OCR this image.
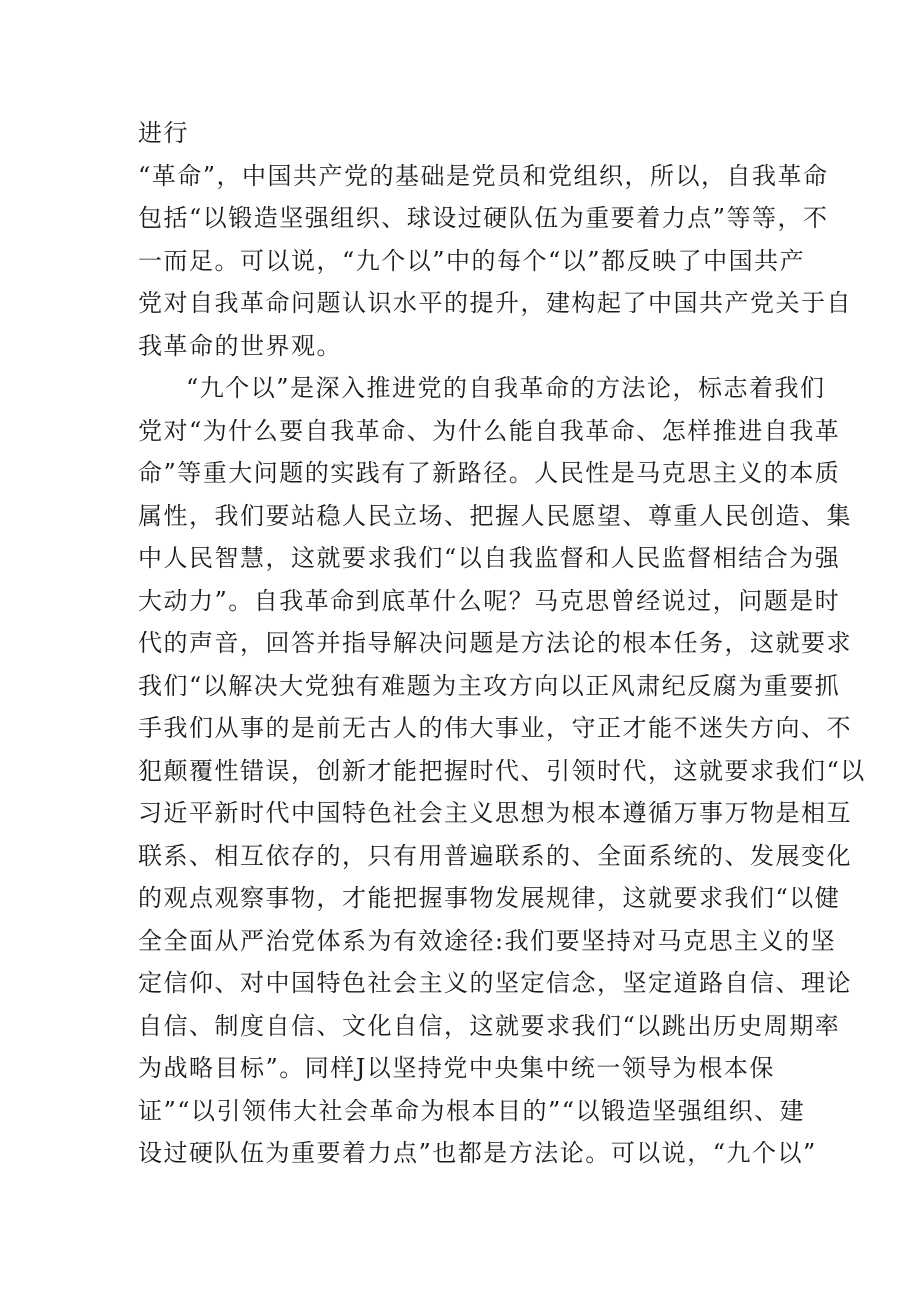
进行
“革命”，中国共产党的基础是党员和党组织，所以，自我革命
包括“以锻造坚强组织、球设过硬队伍为重要着力点”等等，不
一而足。可以说，“九个以”中的每个“以”都反映了中国共产
党对自我革命问题认识水平的提升，建构起了中国共产党关于自
我革命的世界观。
“九个以”是深入推进党的自我革命的方法论，标志着我们
党对“为什么要自我革命、为什么能自我革命、怎样推进自我革
命”等重大问题的实践有了新路径。人民性是马克思主义的本质
属性，我们要站稳人民立场、把握人民愿望、尊重人民创造、集
中人民智慧，这就要求我们“以自我监督和人民监督相结合为强
大动力”。自我革命到底革什么呢？马克思曾经说过，问题是时
代的声音，回答并指导解决问题是方法论的根本任务，这就要求
我们“以解决大党独有难题为主攻方向以正风肃纪反腐为重要抓
手我们从事的是前无古人的伟大事业，守正才能不迷失方向、不
犯颠覆性错误，创新才能把握时代、引领时代，这就要求我们“以
习近平新时代中国特色社会主义思想为根本遵循万事万物是相互
联系、相互依存的，只有用普遍联系的、全面系统的、发展变化
的观点观察事物，才能把握事物发展规律，这就要求我们“以健
全全面从严治党体系为有效途径:我们要坚持对马克思主义的坚
定信仰、对中国特色社会主义的坚定信念，坚定道路自信、理论
自信、制度自信、文化自信，这就要求我们“以跳出历史周期率
为战略目标”。同样J以坚持党中央集中统一领导为根本保
证”“以引领伟大社会革命为根本目的”“以锻造坚强组织、建
设过硬队伍为重要着力点”也都是方法论。可以说，“九个以”
